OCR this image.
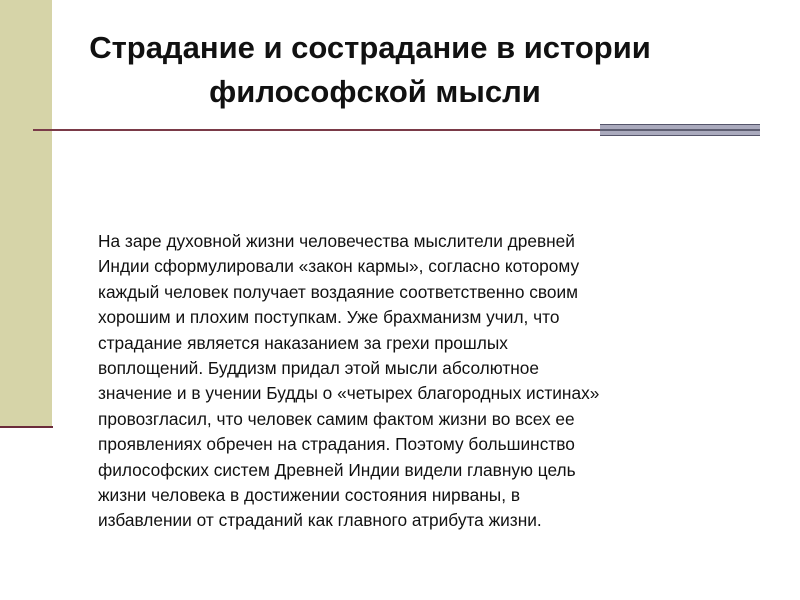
Страдание и сострадание в истории
философской мысли

На заре духовной жизни человечества мыслители древней
Индии сформулировали «закон кармы», согласно которому
каждый человек получает воздаяние соответственно своим
хорошим и плохим поступкам. Уже брахманизм учил, что
страдание является наказанием за грехи прошлых
воплощений. Буддизм придал этой мысли абсолютное
значение и в учении Будды о «четырех благородных истинах»
провозгласил, что человек самим фактом жизни во всех ее
проявлениях обречен на страдания. Поэтому большинство
философских систем Древней Индии видели главную цель
жизни человека в достижении состояния нирваны, в
избавлении от страданий как главного атрибута жизни.
